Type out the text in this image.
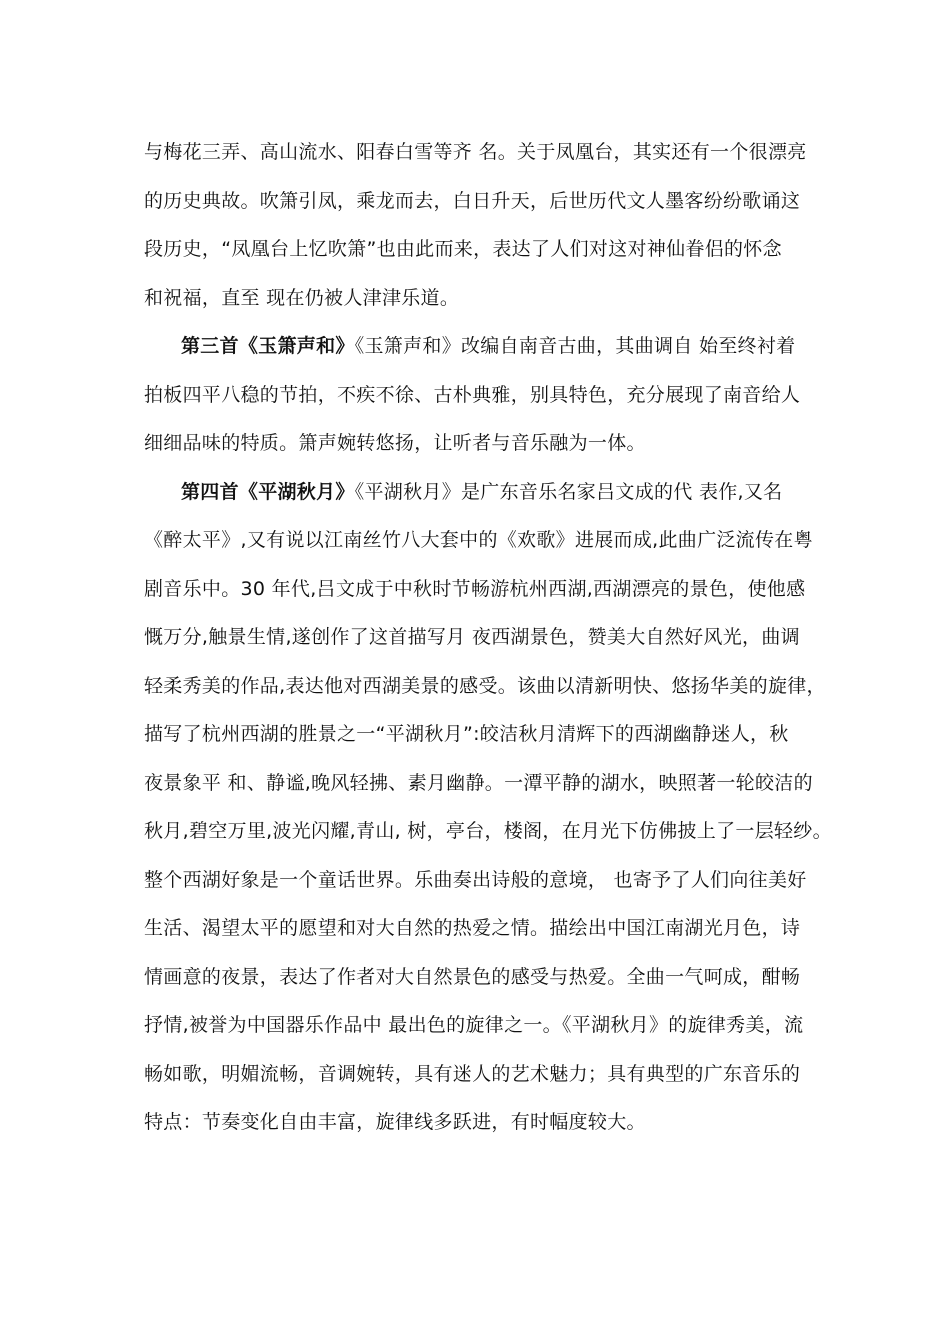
与梅花三弄、高山流水、阳春白雪等齐 名。关于凤凰台，其实还有一个很漂亮
的历史典故。吹箫引凤，乘龙而去，白日升天，后世历代文人墨客纷纷歌诵这
段历史，“凤凰台上忆吹箫”也由此而来，表达了人们对这对神仙眷侣的怀念
和祝福，直至 现在仍被人津津乐道。

第三首《玉箫声和》《玉箫声和》改编自南音古曲，其曲调自 始至终衬着
拍板四平八稳的节拍，不疾不徐、古朴典雅，别具特色，充分展现了南音给人
细细品味的特质。箫声婉转悠扬，让听者与音乐融为一体。

第四首《平湖秋月》《平湖秋月》是广东音乐名家吕文成的代 表作,又名
《醉太平》,又有说以江南丝竹八大套中的《欢歌》进展而成,此曲广泛流传在粤
剧音乐中。30 年代,吕文成于中秋时节畅游杭州西湖,西湖漂亮的景色，使他感
慨万分,触景生情,遂创作了这首描写月 夜西湖景色，赞美大自然好风光，曲调
轻柔秀美的作品,表达他对西湖美景的感受。该曲以清新明快、悠扬华美的旋律，
描写了杭州西湖的胜景之一“平湖秋月”:皎洁秋月清辉下的西湖幽静迷人，秋
夜景象平 和、静谧,晚风轻拂、素月幽静。一潭平静的湖水，映照著一轮皎洁的
秋月,碧空万里,波光闪耀,青山, 树，亭台，楼阁，在月光下仿佛披上了一层轻纱。
整个西湖好象是一个童话世界。乐曲奏出诗般的意境， 也寄予了人们向往美好
生活、渴望太平的愿望和对大自然的热爱之情。描绘出中国江南湖光月色，诗
情画意的夜景，表达了作者对大自然景色的感受与热爱。全曲一气呵成，酣畅
抒情,被誉为中国器乐作品中 最出色的旋律之一。《平湖秋月》的旋律秀美，流
畅如歌，明媚流畅，音调婉转，具有迷人的艺术魅力；具有典型的广东音乐的
特点：节奏变化自由丰富，旋律线多跃进，有时幅度较大。
